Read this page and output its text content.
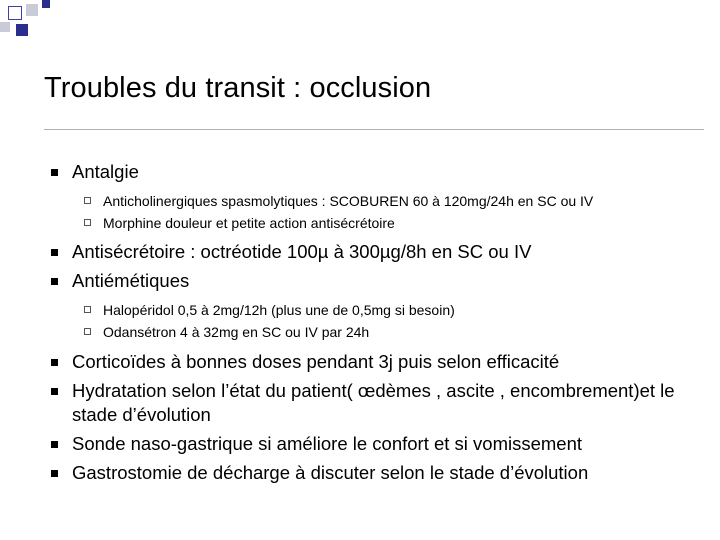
Troubles du transit : occlusion
Antalgie
Anticholinergiques spasmolytiques : SCOBUREN 60 à 120mg/24h en SC ou IV
Morphine douleur et petite action antisécrétoire
Antisécrétoire : octréotide 100µ à 300µg/8h en SC ou IV
Antiémétiques
Halopéridol 0,5 à 2mg/12h (plus une de 0,5mg si besoin)
Odansétron 4 à 32mg en SC ou IV par 24h
Corticoïdes à bonnes doses pendant 3j puis selon efficacité
Hydratation selon l’état du patient( œdèmes , ascite , encombrement)et le stade d’évolution
Sonde naso-gastrique si améliore le confort et si vomissement
Gastrostomie de décharge à discuter selon le stade d’évolution
